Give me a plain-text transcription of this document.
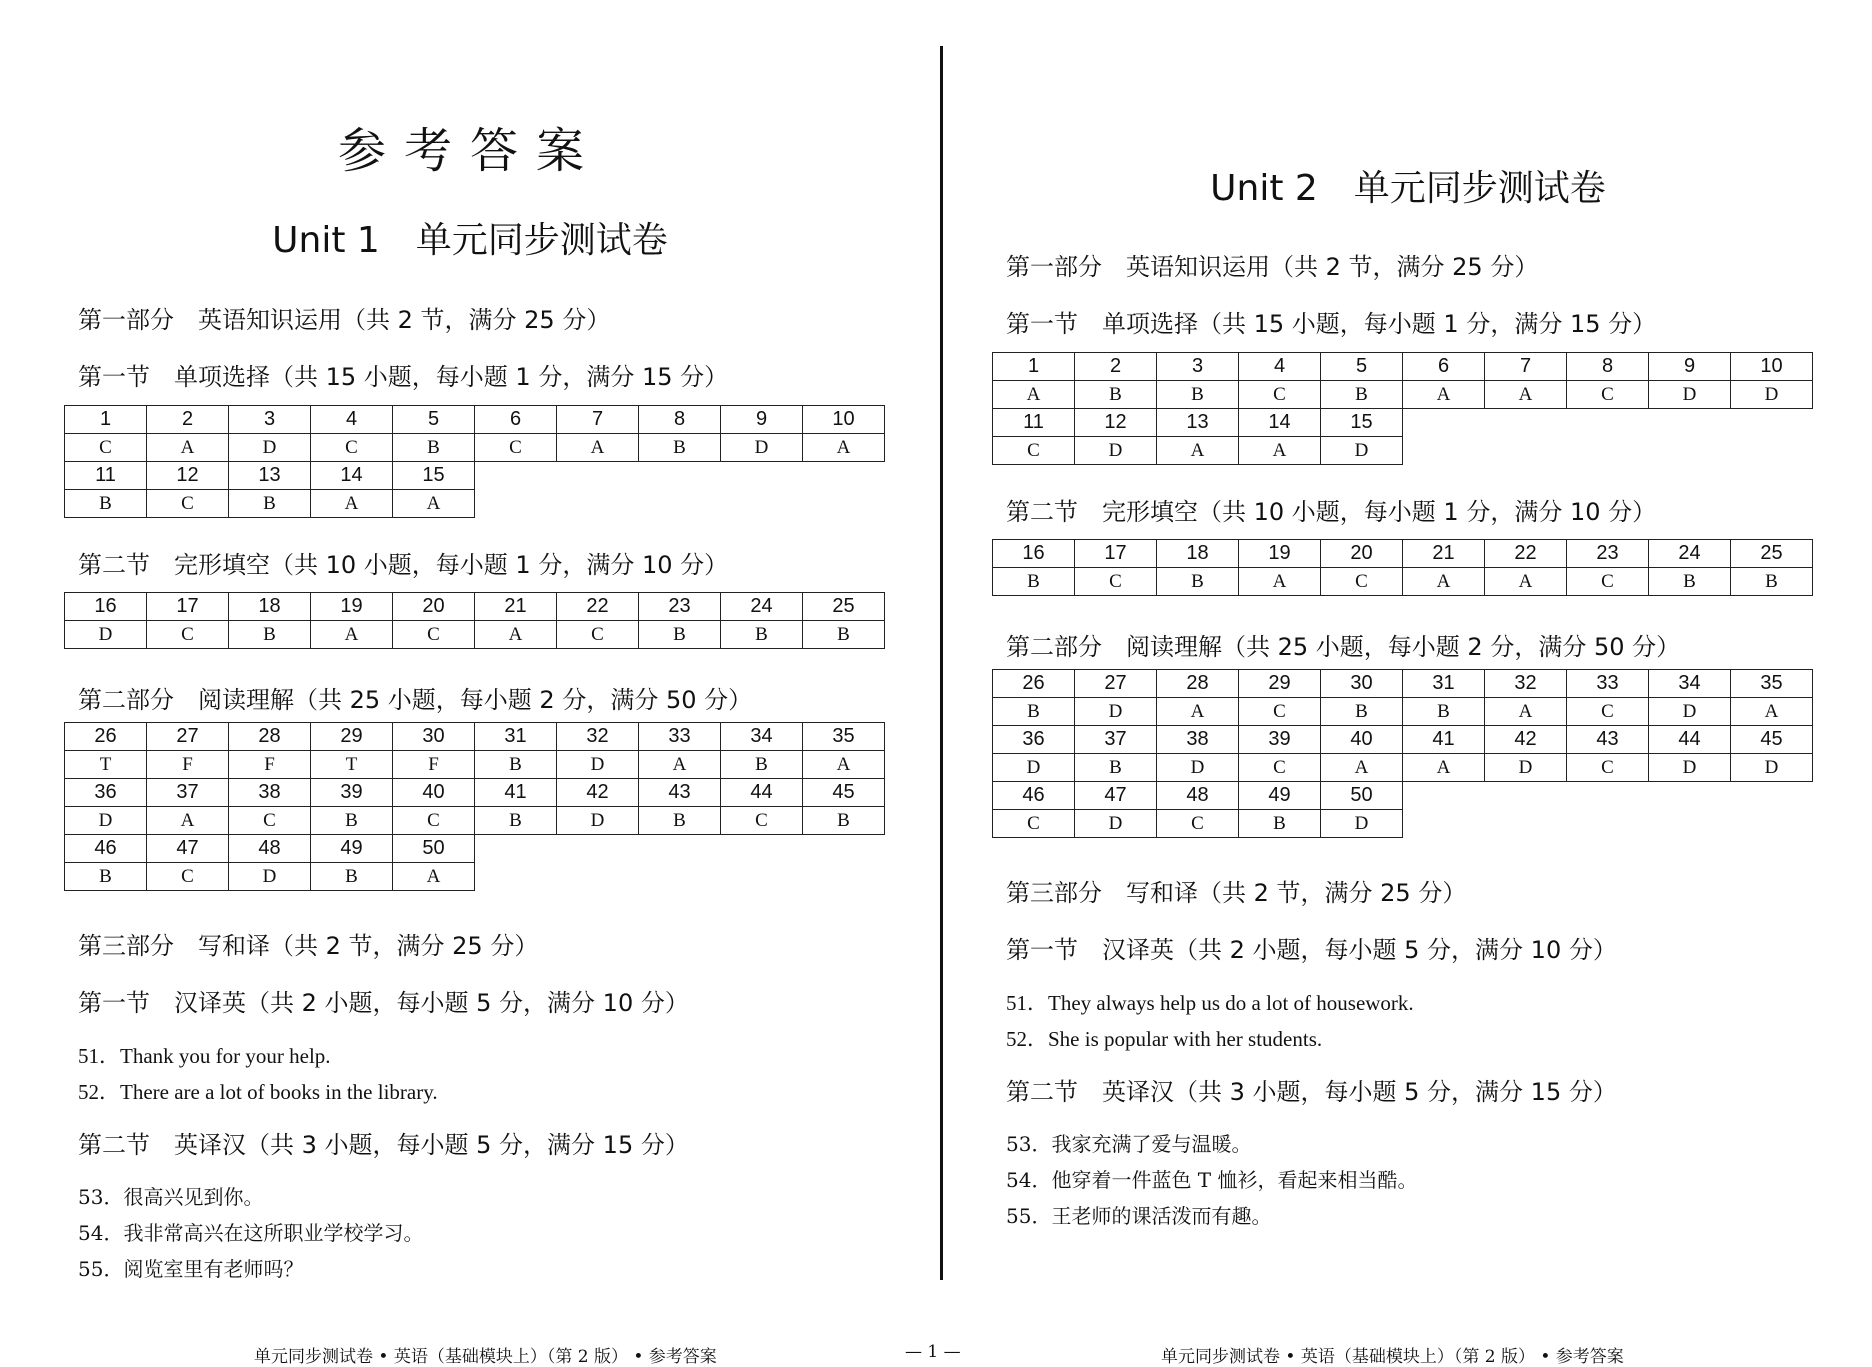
参考答案
Unit 1　单元同步测试卷
第一部分　英语知识运用（共 2 节，满分 25 分）
第一节　单项选择（共 15 小题，每小题 1 分，满分 15 分）
1	2	3	4	5	6	7	8	9	10
C	A	D	C	B	C	A	B	D	A
11	12	13	14	15					
B	C	B	A	A					
第二节　完形填空（共 10 小题，每小题 1 分，满分 10 分）
16	17	18	19	20	21	22	23	24	25
D	C	B	A	C	A	C	B	B	B
第二部分　阅读理解（共 25 小题，每小题 2 分，满分 50 分）
26	27	28	29	30	31	32	33	34	35
T	F	F	T	F	B	D	A	B	A
36	37	38	39	40	41	42	43	44	45
D	A	C	B	C	B	D	B	C	B
46	47	48	49	50					
B	C	D	B	A					
第三部分　写和译（共 2 节，满分 25 分）
第一节　汉译英（共 2 小题，每小题 5 分，满分 10 分）
51．Thank you for your help.
52．There are a lot of books in the library.
第二节　英译汉（共 3 小题，每小题 5 分，满分 15 分）
53．很高兴见到你。
54．我非常高兴在这所职业学校学习。
55．阅览室里有老师吗？
单元同步测试卷 • 英语（基础模块上）（第 2 版） • 参考答案	— 1 —
Unit 2　单元同步测试卷
第一部分　英语知识运用（共 2 节，满分 25 分）
第一节　单项选择（共 15 小题，每小题 1 分，满分 15 分）
1	2	3	4	5	6	7	8	9	10
A	B	B	C	B	A	A	C	D	D
11	12	13	14	15					
C	D	A	A	D					
第二节　完形填空（共 10 小题，每小题 1 分，满分 10 分）
16	17	18	19	20	21	22	23	24	25
B	C	B	A	C	A	A	C	B	B
第二部分　阅读理解（共 25 小题，每小题 2 分，满分 50 分）
26	27	28	29	30	31	32	33	34	35
B	D	A	C	B	B	A	C	D	A
36	37	38	39	40	41	42	43	44	45
D	B	D	C	A	A	D	C	D	D
46	47	48	49	50					
C	D	C	B	D					
第三部分　写和译（共 2 节，满分 25 分）
第一节　汉译英（共 2 小题，每小题 5 分，满分 10 分）
51．They always help us do a lot of housework.
52．She is popular with her students.
第二节　英译汉（共 3 小题，每小题 5 分，满分 15 分）
53．我家充满了爱与温暖。
54．他穿着一件蓝色 T 恤衫，看起来相当酷。
55．王老师的课活泼而有趣。
单元同步测试卷 • 英语（基础模块上）（第 2 版） • 参考答案
